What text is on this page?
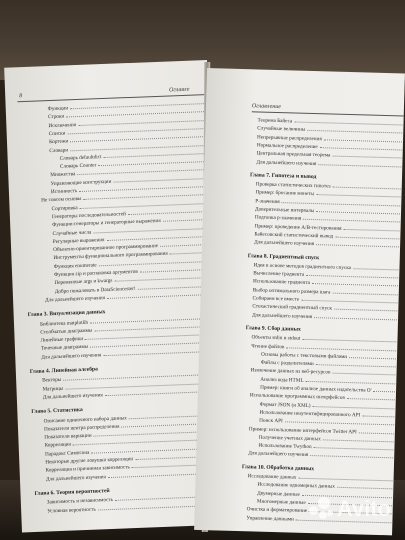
8
Оглавле
Функции
Строки
Исключения
Списки
Кортежи
Словари
Словарь defaultdict
Словарь Counter
Множества
Управляющие конструкции
Истинность
Не совсем основы
Сортировка
Генераторы последовательностей
Функции-генераторы и генераторные выражения
Случайные числа
Регулярные выражения
Объектно-ориентированное программирование
Инструменты функционального программирования
Функция enumerate
Функция zip и распаковка аргументов
Переменные args и kwargs
Добро пожаловать в DataSciencester!
Для дальнейшего изучения
Глава 3. Визуализация данных
Библиотека matplotlib
Столбчатые диаграммы
Линейные графики
Точечные диаграммы
Для дальнейшего изучения
Глава 4. Линейная алгебра
Векторы
Матрицы
Для дальнейшего изучения
Глава 5. Статистика
Описание одиночного набора данных
Показатели центра распределения
Показатели вариации
Корреляция
Парадокс Симпсона
Некоторые другие ловушки корреляции
Корреляция и причинная зависимость
Для дальнейшего изучения
Глава 6. Теория вероятностей
Зависимость и независимость
Условная вероятность
Оглавление
Теорема Байеса
Случайные величины
Непрерывные распределения
Нормальное распределение
Центральная предельная теорема
Для дальнейшего изучения
Глава 7. Гипотеза и вывод
Проверка статистических гипотез
Пример: бросание монеты
P-значения
Доверительные интервалы
Подгонка p-значения
Пример: проведение A/B-тестирования
Байесовский статистический вывод
Для дальнейшего изучения
Глава 8. Градиентный спуск
Идея в основе методов градиентного спуска
Вычисление градиента
Использование градиента
Выбор оптимального размера шага
Собираем все вместе
Стохастический градиентный спуск
Для дальнейшего изучения
Глава 9. Сбор данных
Объекты stdin и stdout
Чтение файлов
Основы работы с текстовыми файлами
Файлы с разделителями
Извлечение данных из веб-ресурсов
Анализ кода HTML
Пример: книги об анализе данных издательства O'
Использование программных интерфейсов
Формат JSON (и XML)
Использование неаутентифицированного API
Поиск API
Пример: использование интерфейсов Twitter API
Получение учетных данных
Использование Twython
Для дальнейшего изучения
Глава 10. Обработка данных
Исследование данных
Исследование одномерных данных
Двумерные данные
Многомерные данные
Очистка и форматирование
Управление данными Avito
